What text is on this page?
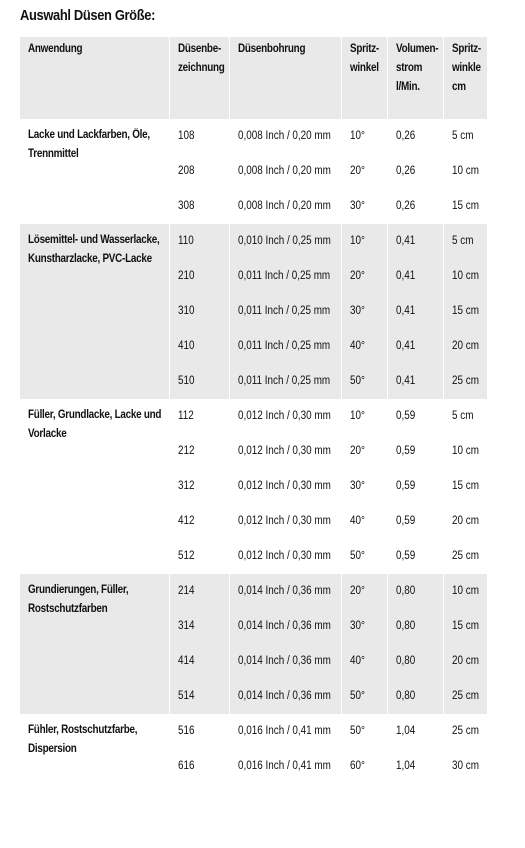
Auswahl Düsen Größe:
Anwendung	Düsenbe- zeichnung	Düsenbohrung	Spritz- winkel	Volumen- strom l/Min.	Spritz- winkle cm
Lacke und Lackfarben, Öle, Trennmittel	108	0,008 Inch / 0,20 mm	10°	0,26	5 cm
	208	0,008 Inch / 0,20 mm	20°	0,26	10 cm
	308	0,008 Inch / 0,20 mm	30°	0,26	15 cm
Lösemittel- und Wasserlacke, Kunstharzlacke, PVC-Lacke	110	0,010 Inch / 0,25 mm	10°	0,41	5 cm
	210	0,011 Inch / 0,25 mm	20°	0,41	10 cm
	310	0,011 Inch / 0,25 mm	30°	0,41	15 cm
	410	0,011 Inch / 0,25 mm	40°	0,41	20 cm
	510	0,011 Inch / 0,25 mm	50°	0,41	25 cm
Füller, Grundlacke, Lacke und Vorlacke	112	0,012 Inch / 0,30 mm	10°	0,59	5 cm
	212	0,012 Inch / 0,30 mm	20°	0,59	10 cm
	312	0,012 Inch / 0,30 mm	30°	0,59	15 cm
	412	0,012 Inch / 0,30 mm	40°	0,59	20 cm
	512	0,012 Inch / 0,30 mm	50°	0,59	25 cm
Grundierungen, Füller, Rostschutzfarben	214	0,014 Inch / 0,36 mm	20°	0,80	10 cm
	314	0,014 Inch / 0,36 mm	30°	0,80	15 cm
	414	0,014 Inch / 0,36 mm	40°	0,80	20 cm
	514	0,014 Inch / 0,36 mm	50°	0,80	25 cm
Fühler, Rostschutzfarbe, Dispersion	516	0,016 Inch / 0,41 mm	50°	1,04	25 cm
	616	0,016 Inch / 0,41 mm	60°	1,04	30 cm
